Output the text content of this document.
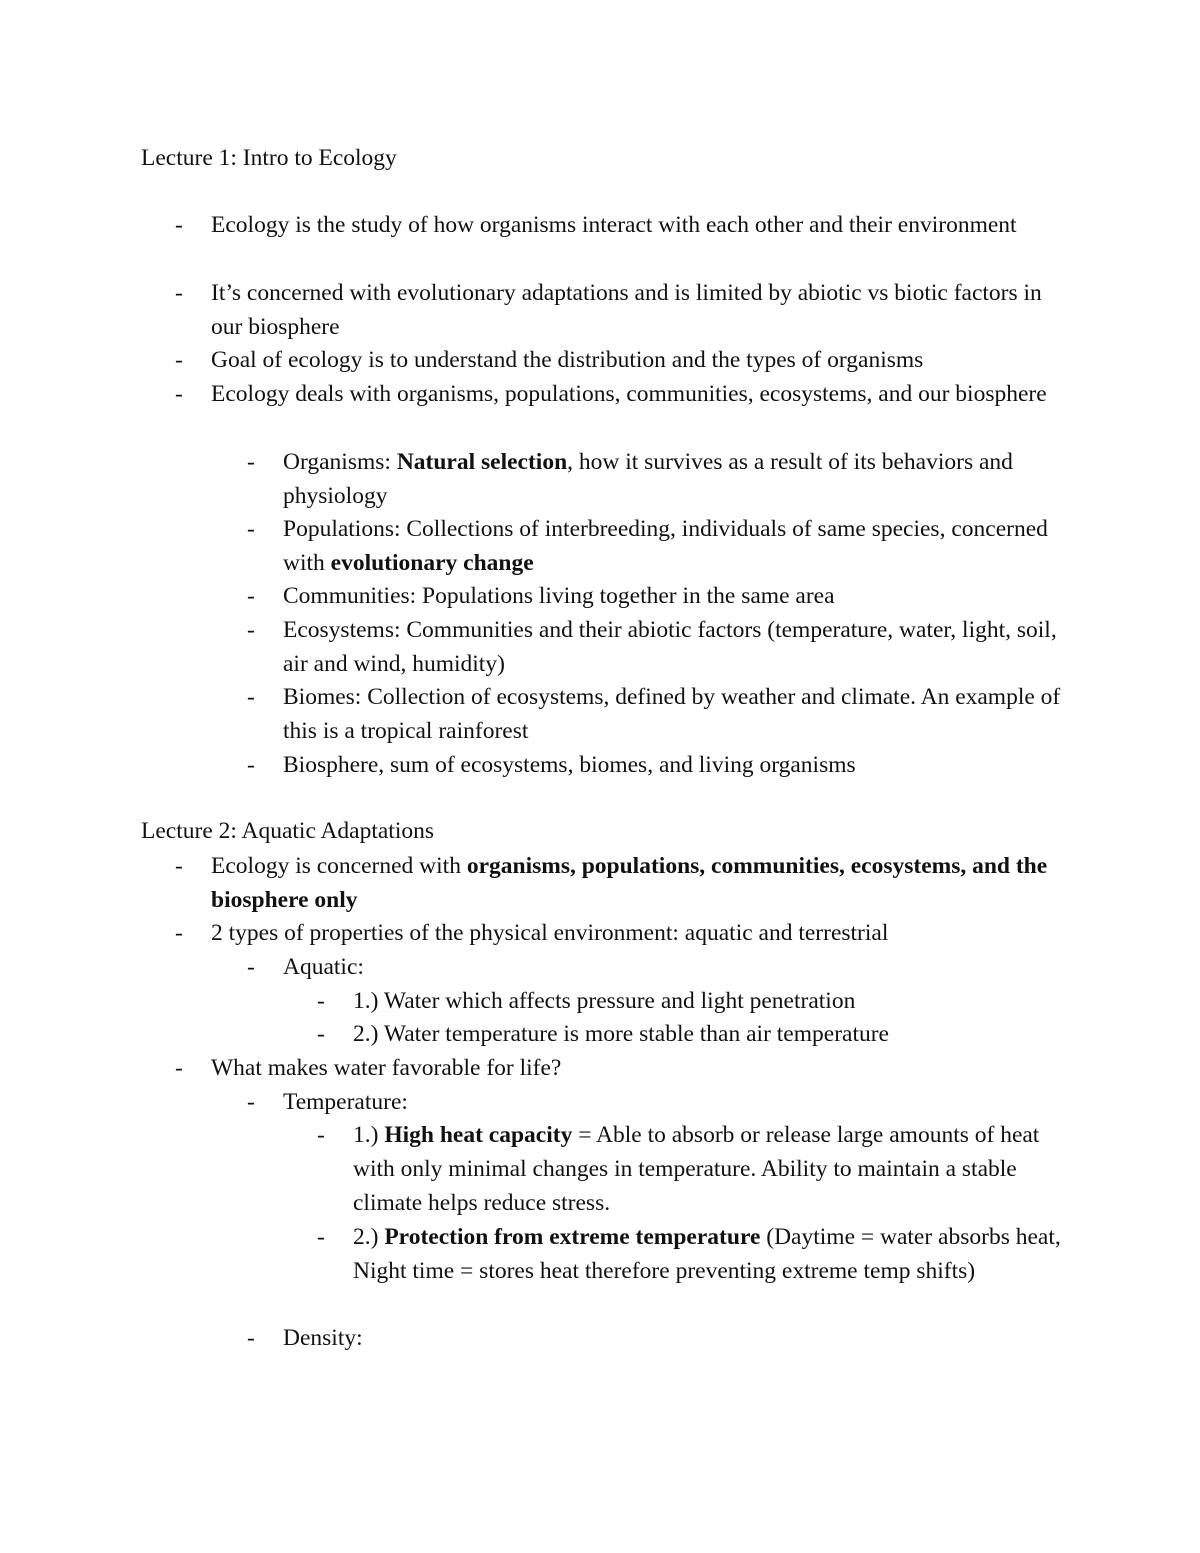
Lecture 1: Intro to Ecology
- Ecology is the study of how organisms interact with each other and their environment
- It’s concerned with evolutionary adaptations and is limited by abiotic vs biotic factors in our biosphere
- Goal of ecology is to understand the distribution and the types of organisms
- Ecology deals with organisms, populations, communities, ecosystems, and our biosphere
- Organisms: Natural selection, how it survives as a result of its behaviors and physiology
- Populations: Collections of interbreeding, individuals of same species, concerned with evolutionary change
- Communities: Populations living together in the same area
- Ecosystems: Communities and their abiotic factors (temperature, water, light, soil, air and wind, humidity)
- Biomes: Collection of ecosystems, defined by weather and climate. An example of this is a tropical rainforest
- Biosphere, sum of ecosystems, biomes, and living organisms
Lecture 2: Aquatic Adaptations
- Ecology is concerned with organisms, populations, communities, ecosystems, and the biosphere only
- 2 types of properties of the physical environment: aquatic and terrestrial
- Aquatic:
- 1.) Water which affects pressure and light penetration
- 2.) Water temperature is more stable than air temperature
- What makes water favorable for life?
- Temperature:
- 1.) High heat capacity = Able to absorb or release large amounts of heat with only minimal changes in temperature. Ability to maintain a stable climate helps reduce stress.
- 2.) Protection from extreme temperature (Daytime = water absorbs heat, Night time = stores heat therefore preventing extreme temp shifts)
- Density:
